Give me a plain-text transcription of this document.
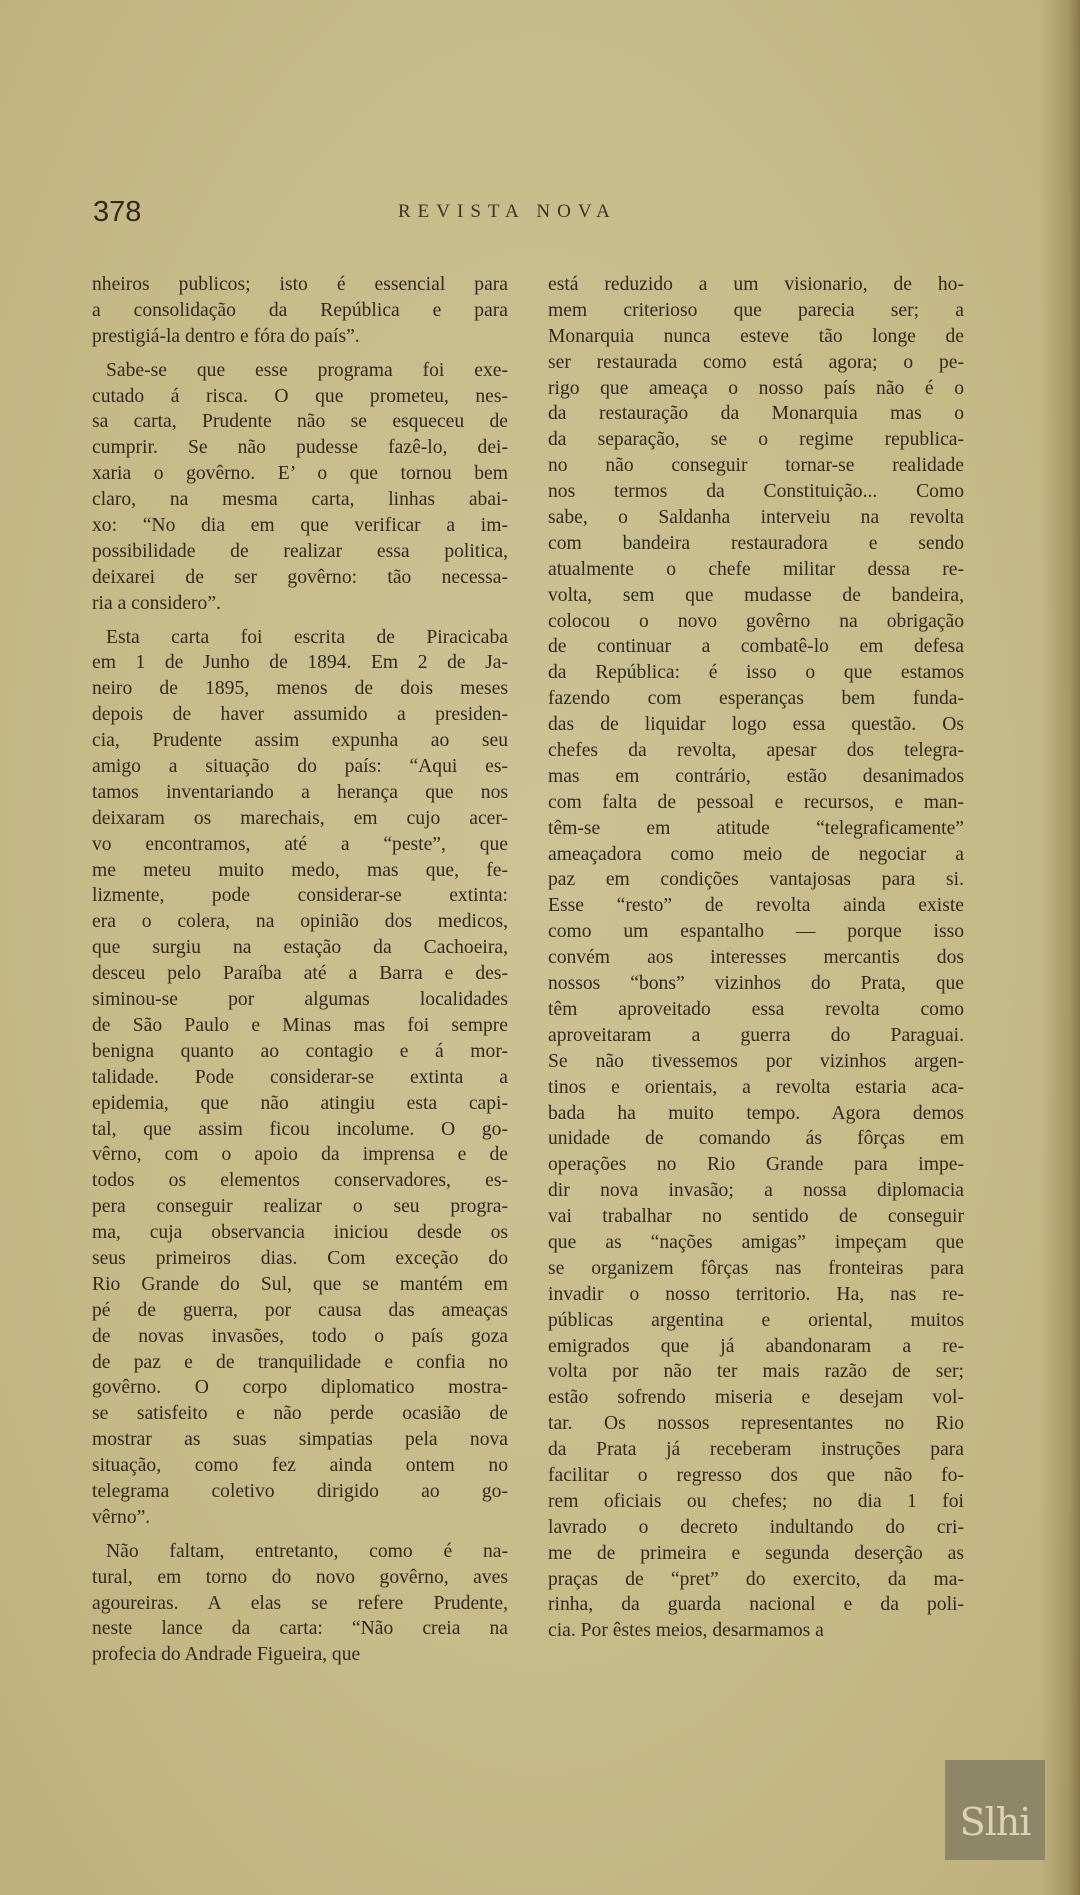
378	REVISTA NOVA
nheiros publicos; isto é essencial para
a consolidação da República e para
prestigiá-la dentro e fóra do país”.
Sabe-se que esse programa foi exe-
cutado á risca. O que prometeu, nes-
sa carta, Prudente não se esqueceu de
cumprir. Se não pudesse fazê-lo, dei-
xaria o govêrno. E’ o que tornou bem
claro, na mesma carta, linhas abai-
xo: “No dia em que verificar a im-
possibilidade de realizar essa politica,
deixarei de ser govêrno: tão necessa-
ria a considero”.
Esta carta foi escrita de Piracicaba
em 1 de Junho de 1894. Em 2 de Ja-
neiro de 1895, menos de dois meses
depois de haver assumido a presiden-
cia, Prudente assim expunha ao seu
amigo a situação do país: “Aqui es-
tamos inventariando a herança que nos
deixaram os marechais, em cujo acer-
vo encontramos, até a “peste”, que
me meteu muito medo, mas que, fe-
lizmente, pode considerar-se extinta:
era o colera, na opinião dos medicos,
que surgiu na estação da Cachoeira,
desceu pelo Paraíba até a Barra e des-
siminou-se por algumas localidades
de São Paulo e Minas mas foi sempre
benigna quanto ao contagio e á mor-
talidade. Pode considerar-se extinta a
epidemia, que não atingiu esta capi-
tal, que assim ficou incolume. O go-
vêrno, com o apoio da imprensa e de
todos os elementos conservadores, es-
pera conseguir realizar o seu progra-
ma, cuja observancia iniciou desde os
seus primeiros dias. Com exceção do
Rio Grande do Sul, que se mantém em
pé de guerra, por causa das ameaças
de novas invasões, todo o país goza
de paz e de tranquilidade e confia no
govêrno. O corpo diplomatico mostra-
se satisfeito e não perde ocasião de
mostrar as suas simpatias pela nova
situação, como fez ainda ontem no
telegrama coletivo dirigido ao go-
vêrno”.
Não faltam, entretanto, como é na-
tural, em torno do novo govêrno, aves
agoureiras. A elas se refere Prudente,
neste lance da carta: “Não creia na
profecia do Andrade Figueira, que
está reduzido a um visionario, de ho-
mem criterioso que parecia ser; a
Monarquia nunca esteve tão longe de
ser restaurada como está agora; o pe-
rigo que ameaça o nosso país não é o
da restauração da Monarquia mas o
da separação, se o regime republica-
no não conseguir tornar-se realidade
nos termos da Constituição... Como
sabe, o Saldanha interveiu na revolta
com bandeira restauradora e sendo
atualmente o chefe militar dessa re-
volta, sem que mudasse de bandeira,
colocou o novo govêrno na obrigação
de continuar a combatê-lo em defesa
da República: é isso o que estamos
fazendo com esperanças bem funda-
das de liquidar logo essa questão. Os
chefes da revolta, apesar dos telegra-
mas em contrário, estão desanimados
com falta de pessoal e recursos, e man-
têm-se em atitude “telegraficamente”
ameaçadora como meio de negociar a
paz em condições vantajosas para si.
Esse “resto” de revolta ainda existe
como um espantalho — porque isso
convém aos interesses mercantis dos
nossos “bons” vizinhos do Prata, que
têm aproveitado essa revolta como
aproveitaram a guerra do Paraguai.
Se não tivessemos por vizinhos argen-
tinos e orientais, a revolta estaria aca-
bada ha muito tempo. Agora demos
unidade de comando ás fôrças em
operações no Rio Grande para impe-
dir nova invasão; a nossa diplomacia
vai trabalhar no sentido de conseguir
que as “nações amigas” impeçam que
se organizem fôrças nas fronteiras para
invadir o nosso territorio. Ha, nas re-
públicas argentina e oriental, muitos
emigrados que já abandonaram a re-
volta por não ter mais razão de ser;
estão sofrendo miseria e desejam vol-
tar. Os nossos representantes no Rio
da Prata já receberam instruções para
facilitar o regresso dos que não fo-
rem oficiais ou chefes; no dia 1 foi
lavrado o decreto indultando do cri-
me de primeira e segunda deserção as
praças de “pret” do exercito, da ma-
rinha, da guarda nacional e da poli-
cia. Por êstes meios, desarmamos a
Slhi
